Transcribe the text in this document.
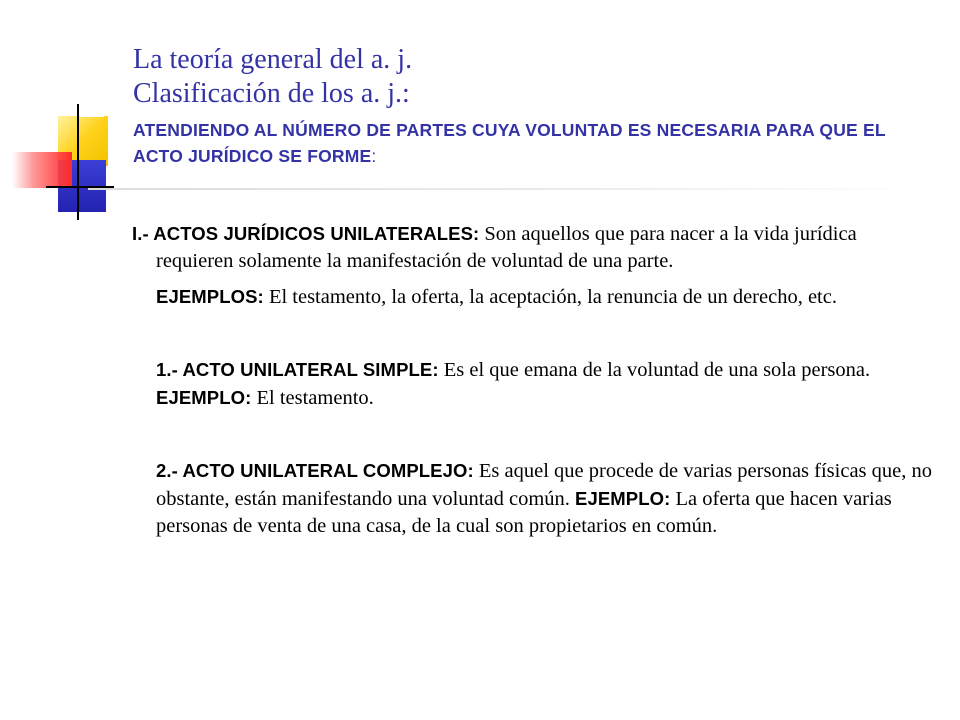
La teoría general del a. j.
Clasificación de los a. j.:
ATENDIENDO AL NÚMERO DE PARTES CUYA VOLUNTAD ES NECESARIA PARA QUE EL ACTO JURÍDICO SE FORME:

I.- ACTOS JURÍDICOS UNILATERALES: Son aquellos que para nacer a la vida jurídica requieren solamente la manifestación de voluntad de una parte.

EJEMPLOS: El testamento, la oferta, la aceptación, la renuncia de un derecho, etc.

1.- ACTO UNILATERAL SIMPLE: Es el que emana de la voluntad de una sola persona. EJEMPLO: El testamento.

2.- ACTO UNILATERAL COMPLEJO: Es aquel que procede de varias personas físicas que, no obstante, están manifestando una voluntad común. EJEMPLO: La oferta que hacen varias personas de venta de una casa, de la cual son propietarios en común.
